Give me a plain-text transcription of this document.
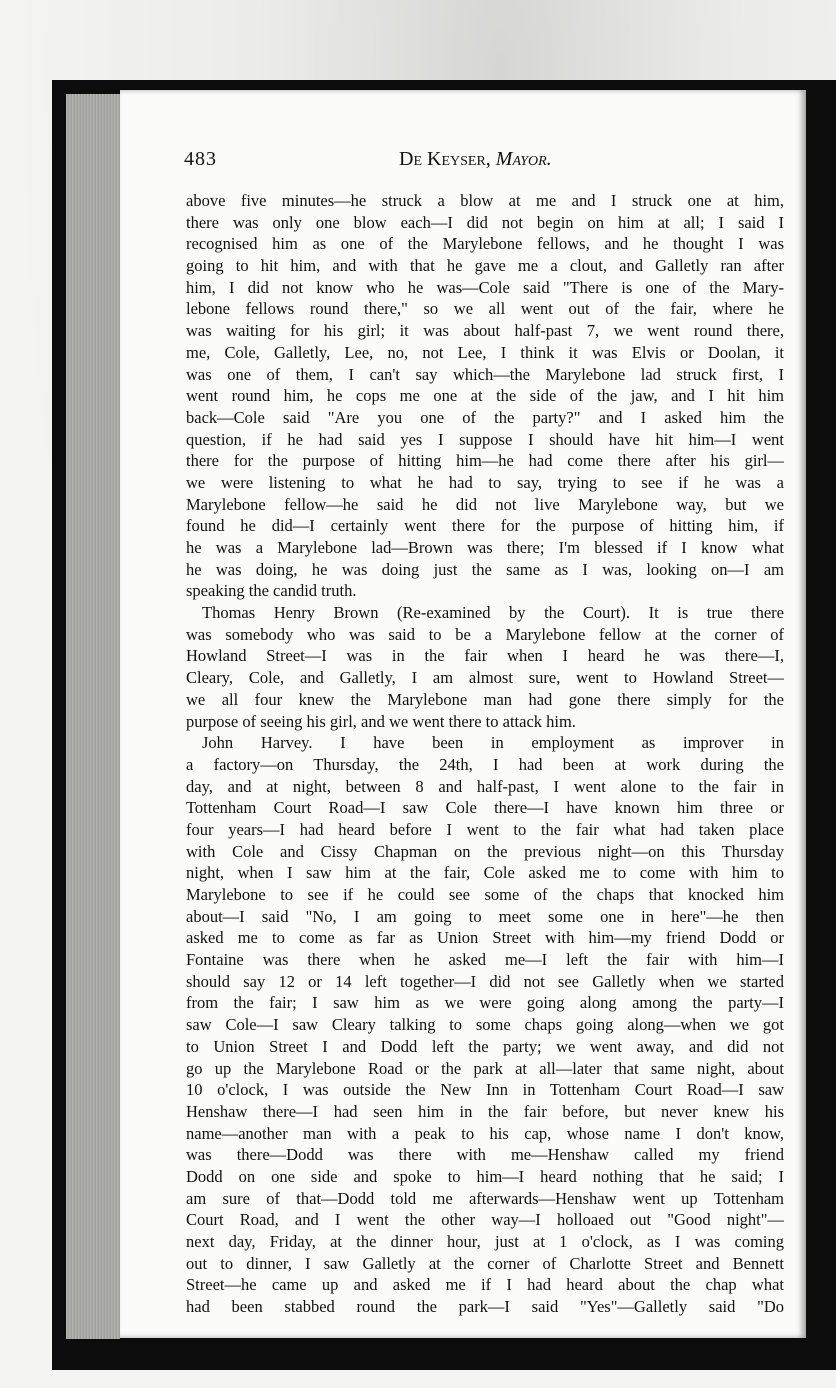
483	De Keyser, Mayor.
above five minutes—he struck a blow at me and I struck one at him,
there was only one blow each—I did not begin on him at all; I said I
recognised him as one of the Marylebone fellows, and he thought I was
going to hit him, and with that he gave me a clout, and Galletly ran after
him, I did not know who he was—Cole said "There is one of the Mary-
lebone fellows round there," so we all went out of the fair, where he
was waiting for his girl; it was about half-past 7, we went round there,
me, Cole, Galletly, Lee, no, not Lee, I think it was Elvis or Doolan, it
was one of them, I can't say which—the Marylebone lad struck first, I
went round him, he cops me one at the side of the jaw, and I hit him
back—Cole said "Are you one of the party?" and I asked him the
question, if he had said yes I suppose I should have hit him—I went
there for the purpose of hitting him—he had come there after his girl—
we were listening to what he had to say, trying to see if he was a
Marylebone fellow—he said he did not live Marylebone way, but we
found he did—I certainly went there for the purpose of hitting him, if
he was a Marylebone lad—Brown was there; I'm blessed if I know what
he was doing, he was doing just the same as I was, looking on—I am
speaking the candid truth.
Thomas Henry Brown (Re-examined by the Court). It is true there
was somebody who was said to be a Marylebone fellow at the corner of
Howland Street—I was in the fair when I heard he was there—I,
Cleary, Cole, and Galletly, I am almost sure, went to Howland Street—
we all four knew the Marylebone man had gone there simply for the
purpose of seeing his girl, and we went there to attack him.
John Harvey. I have been in employment as improver in
a factory—on Thursday, the 24th, I had been at work during the
day, and at night, between 8 and half-past, I went alone to the fair in
Tottenham Court Road—I saw Cole there—I have known him three or
four years—I had heard before I went to the fair what had taken place
with Cole and Cissy Chapman on the previous night—on this Thursday
night, when I saw him at the fair, Cole asked me to come with him to
Marylebone to see if he could see some of the chaps that knocked him
about—I said "No, I am going to meet some one in here"—he then
asked me to come as far as Union Street with him—my friend Dodd or
Fontaine was there when he asked me—I left the fair with him—I
should say 12 or 14 left together—I did not see Galletly when we started
from the fair; I saw him as we were going along among the party—I
saw Cole—I saw Cleary talking to some chaps going along—when we got
to Union Street I and Dodd left the party; we went away, and did not
go up the Marylebone Road or the park at all—later that same night, about
10 o'clock, I was outside the New Inn in Tottenham Court Road—I saw
Henshaw there—I had seen him in the fair before, but never knew his
name—another man with a peak to his cap, whose name I don't know,
was there—Dodd was there with me—Henshaw called my friend
Dodd on one side and spoke to him—I heard nothing that he said; I
am sure of that—Dodd told me afterwards—Henshaw went up Tottenham
Court Road, and I went the other way—I holloaed out "Good night"—
next day, Friday, at the dinner hour, just at 1 o'clock, as I was coming
out to dinner, I saw Galletly at the corner of Charlotte Street and Bennett
Street—he came up and asked me if I had heard about the chap what
had been stabbed round the park—I said "Yes"—Galletly said "Do
